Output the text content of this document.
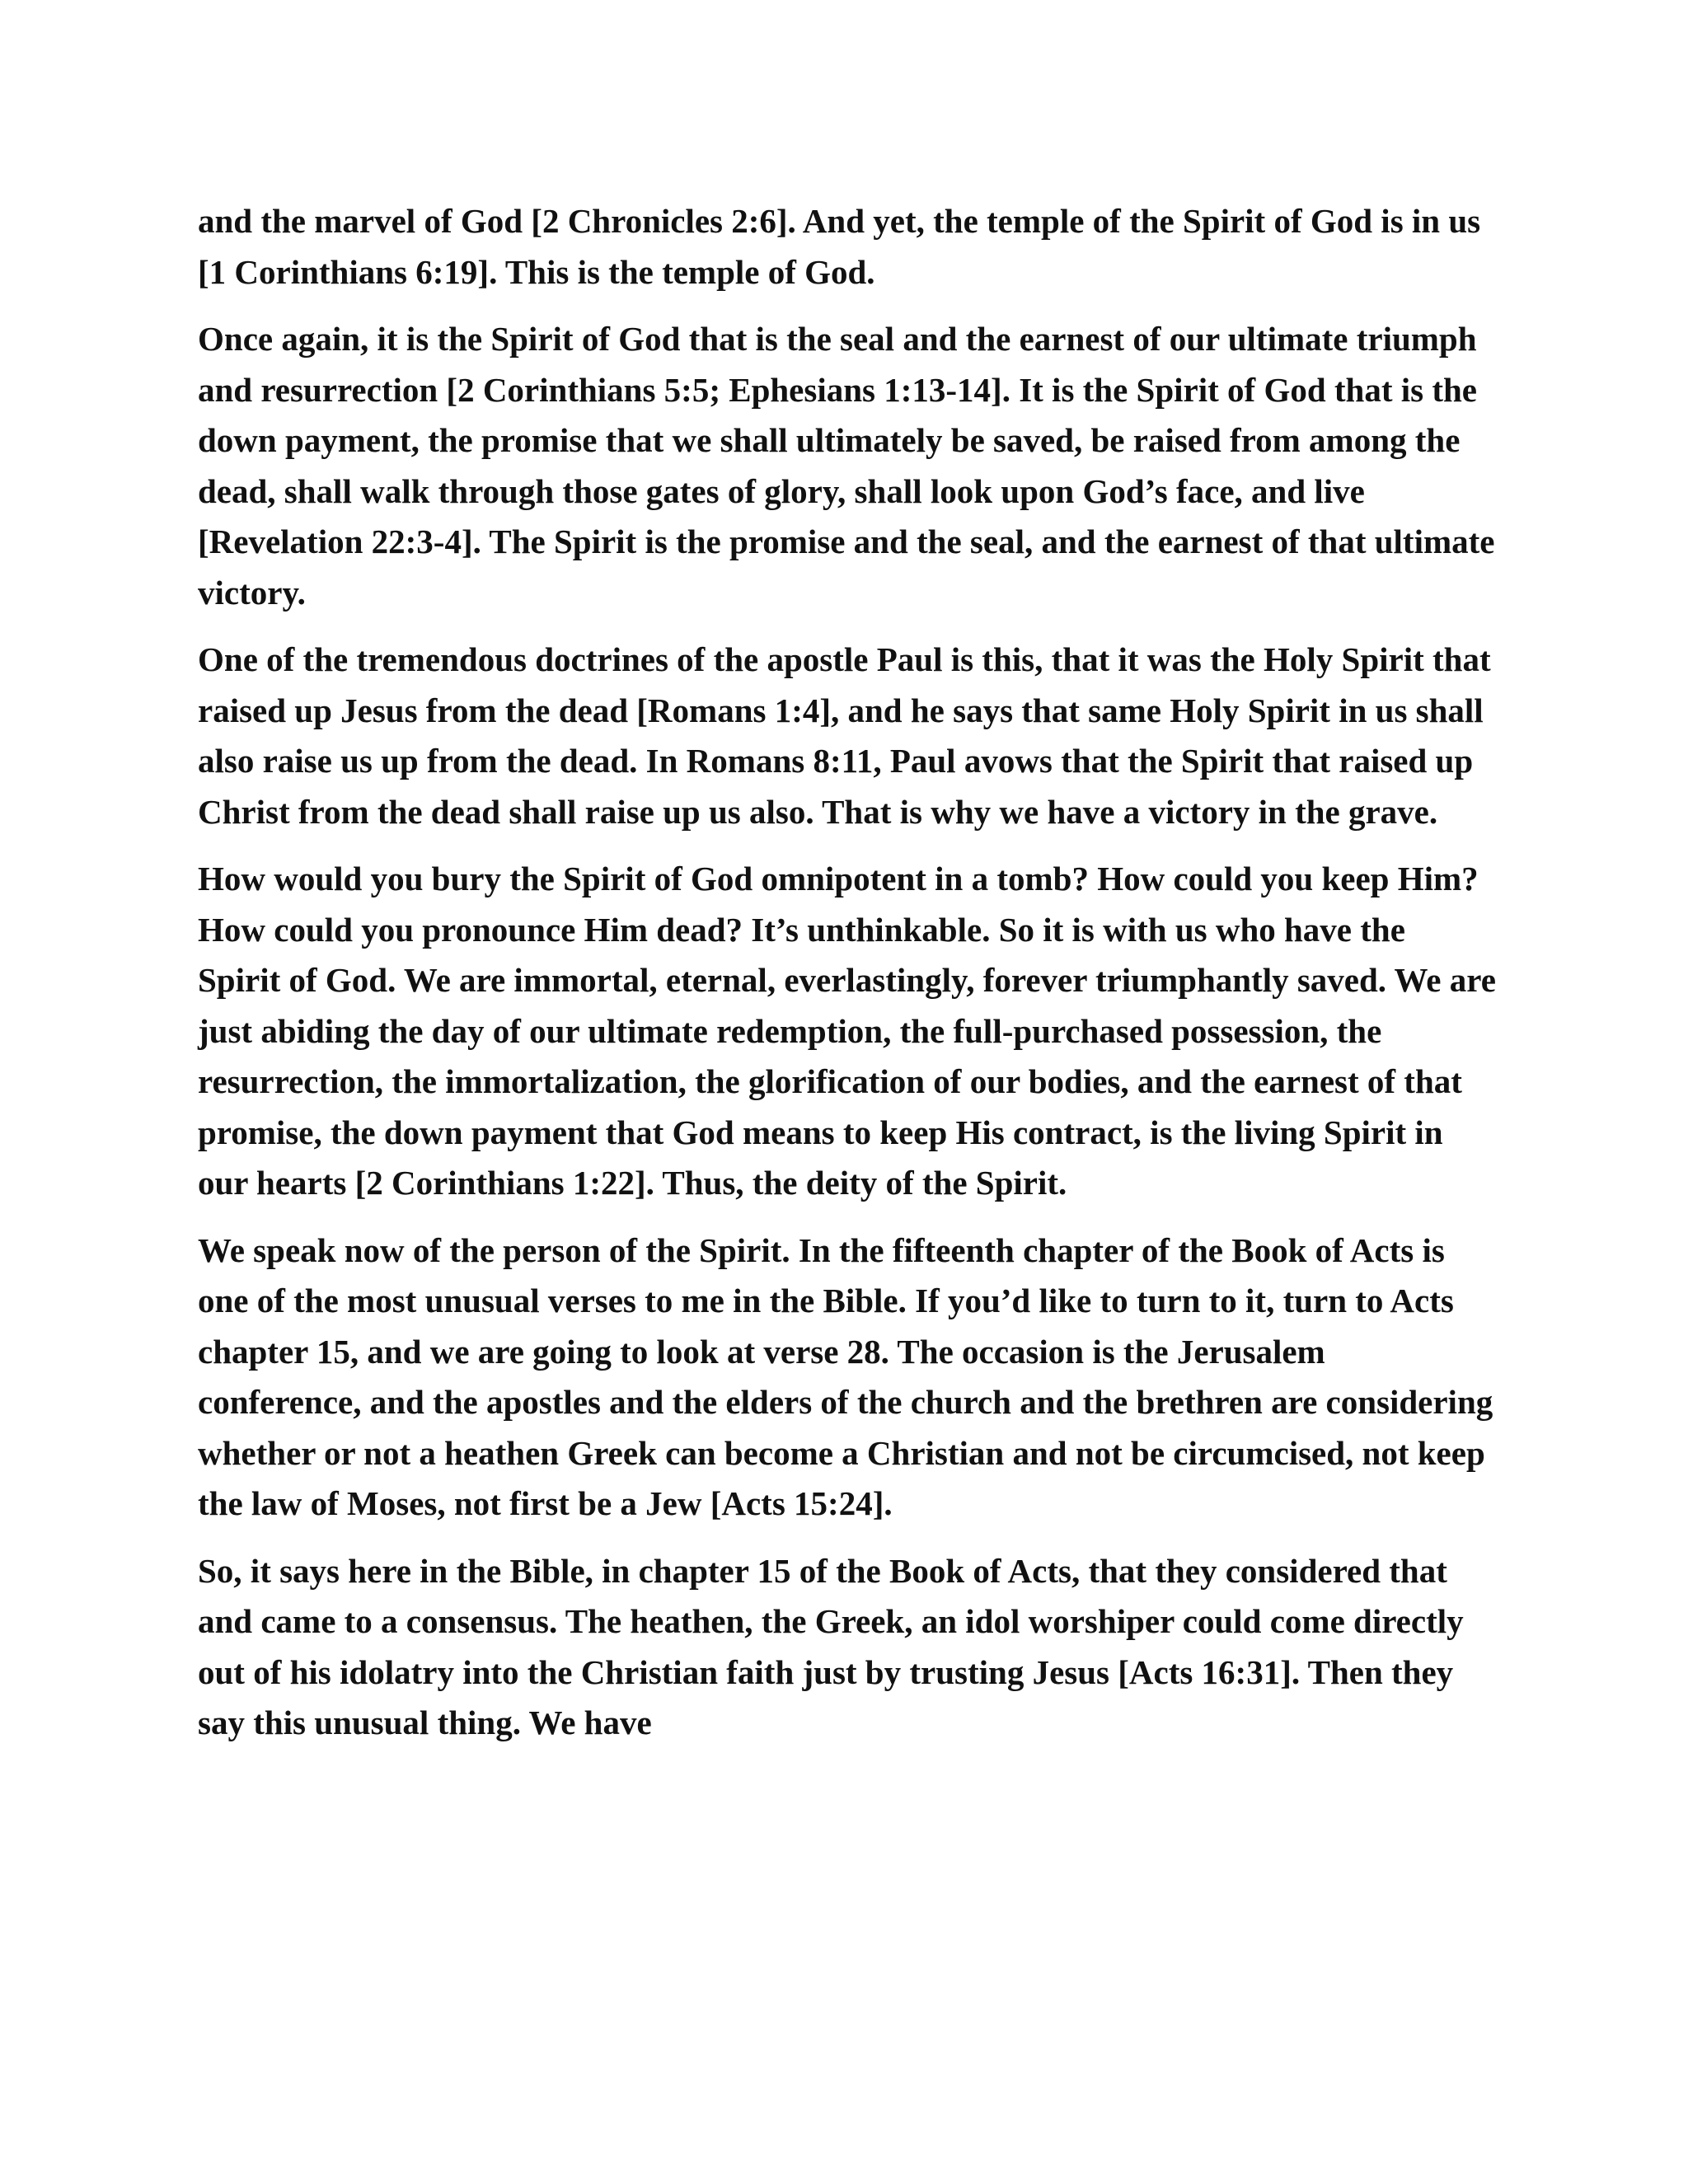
and the marvel of God [2 Chronicles 2:6]. And yet, the temple of the Spirit of God is in us [1 Corinthians 6:19]. This is the temple of God.

Once again, it is the Spirit of God that is the seal and the earnest of our ultimate triumph and resurrection [2 Corinthians 5:5; Ephesians 1:13-14]. It is the Spirit of God that is the down payment, the promise that we shall ultimately be saved, be raised from among the dead, shall walk through those gates of glory, shall look upon God’s face, and live [Revelation 22:3-4]. The Spirit is the promise and the seal, and the earnest of that ultimate victory.

One of the tremendous doctrines of the apostle Paul is this, that it was the Holy Spirit that raised up Jesus from the dead [Romans 1:4], and he says that same Holy Spirit in us shall also raise us up from the dead. In Romans 8:11, Paul avows that the Spirit that raised up Christ from the dead shall raise up us also. That is why we have a victory in the grave.

How would you bury the Spirit of God omnipotent in a tomb? How could you keep Him? How could you pronounce Him dead? It’s unthinkable. So it is with us who have the Spirit of God. We are immortal, eternal, everlastingly, forever triumphantly saved. We are just abiding the day of our ultimate redemption, the full-purchased possession, the resurrection, the immortalization, the glorification of our bodies, and the earnest of that promise, the down payment that God means to keep His contract, is the living Spirit in our hearts [2 Corinthians 1:22]. Thus, the deity of the Spirit.

We speak now of the person of the Spirit. In the fifteenth chapter of the Book of Acts is one of the most unusual verses to me in the Bible. If you’d like to turn to it, turn to Acts chapter 15, and we are going to look at verse 28. The occasion is the Jerusalem conference, and the apostles and the elders of the church and the brethren are considering whether or not a heathen Greek can become a Christian and not be circumcised, not keep the law of Moses, not first be a Jew [Acts 15:24].

So, it says here in the Bible, in chapter 15 of the Book of Acts, that they considered that and came to a consensus. The heathen, the Greek, an idol worshiper could come directly out of his idolatry into the Christian faith just by trusting Jesus [Acts 16:31]. Then they say this unusual thing. We have
